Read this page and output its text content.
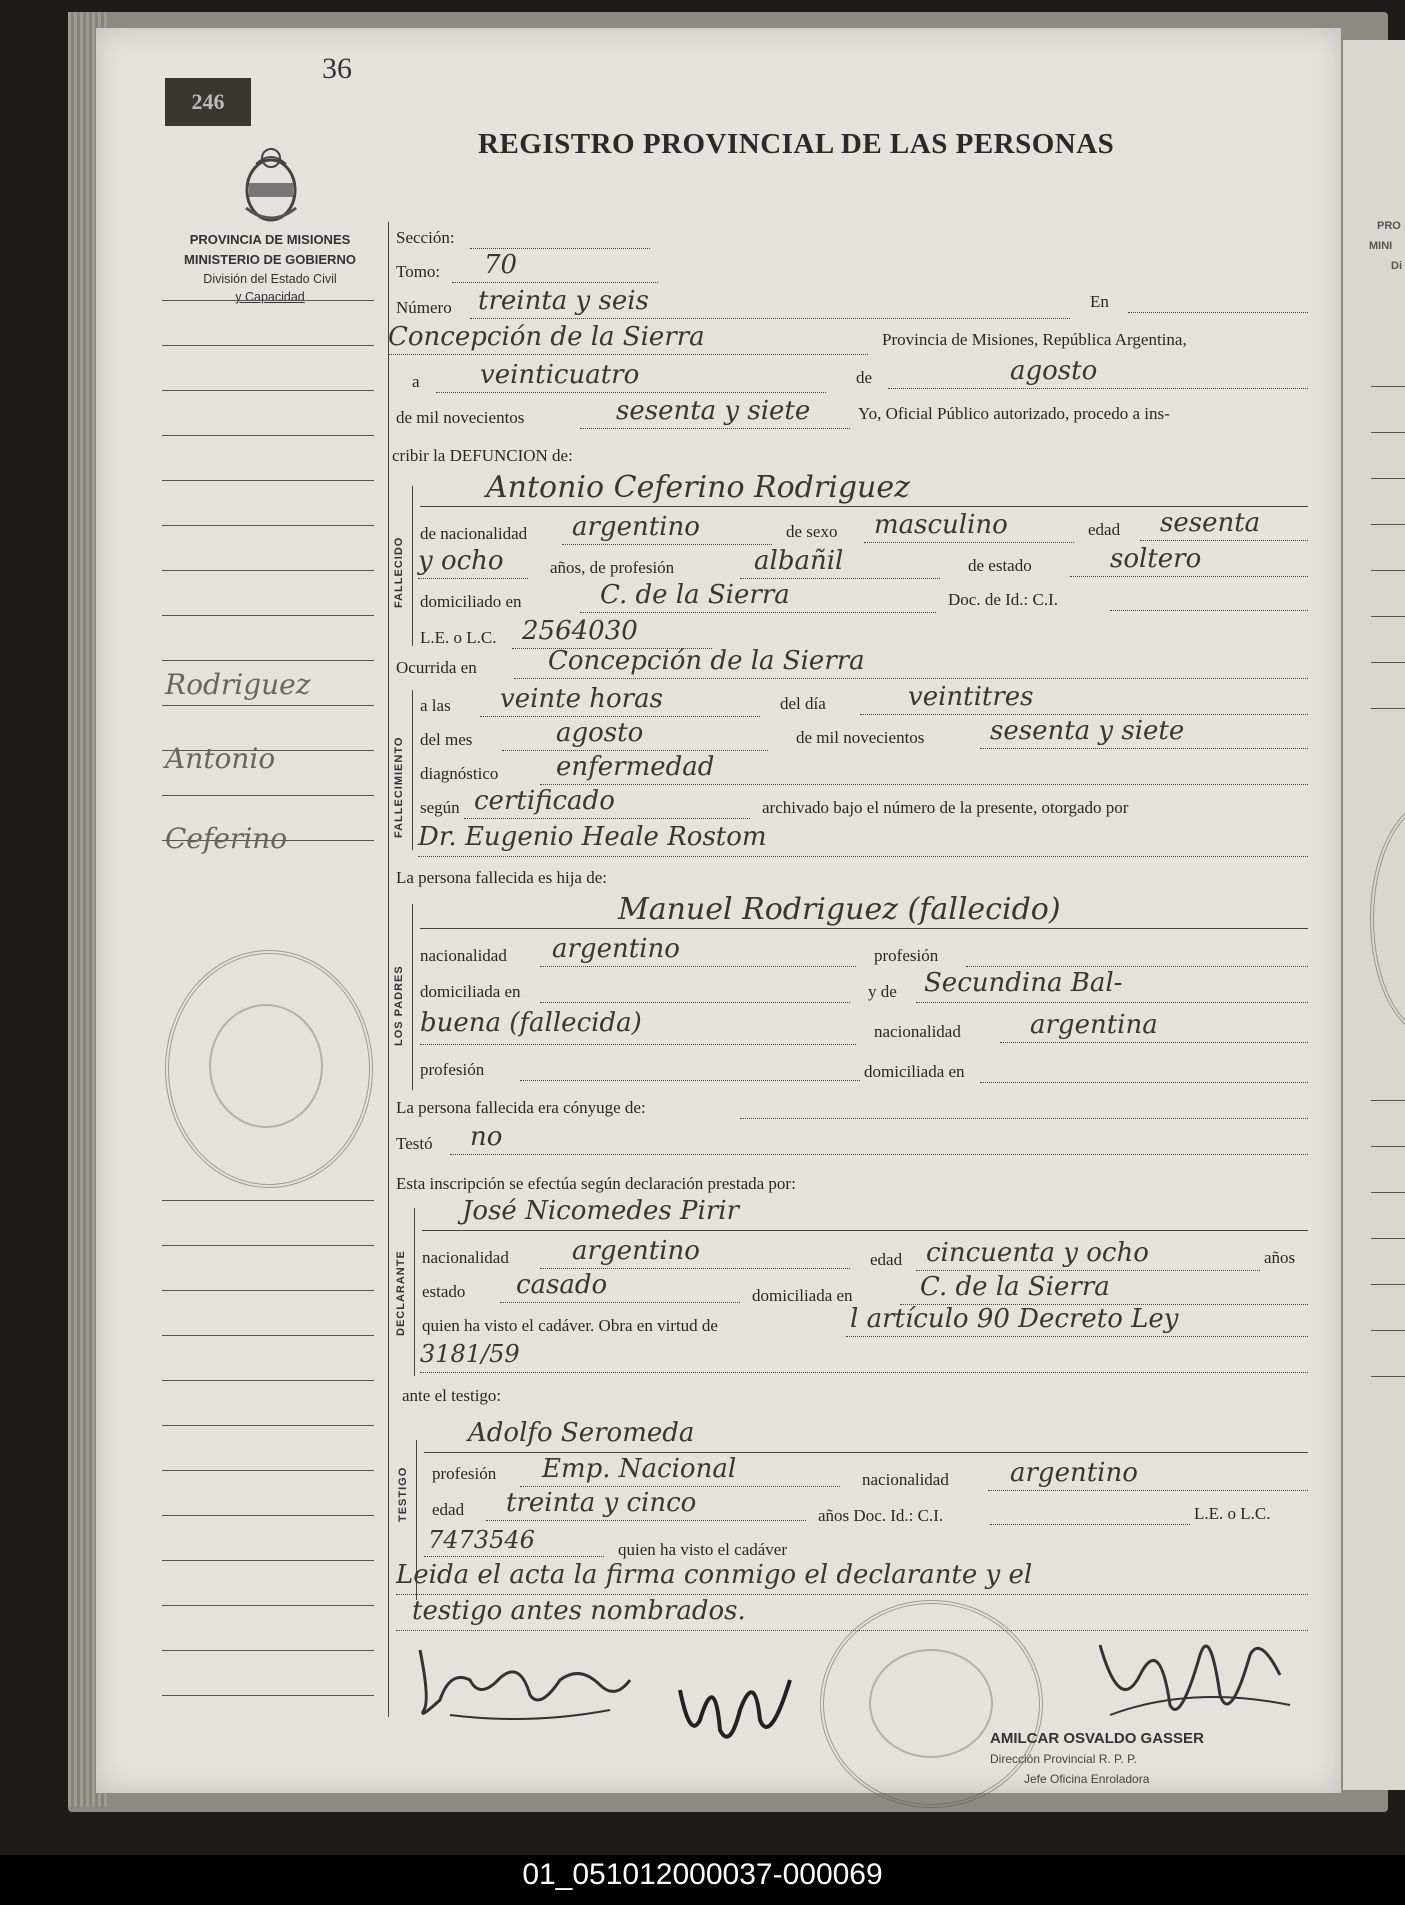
PRO
MINI
Di
36
246
REGISTRO PROVINCIAL DE LAS PERSONAS
PROVINCIA DE MISIONES
MINISTERIO DE GOBIERNO
División del Estado Civil
y Capacidad
Rodriguez
Antonio
Ceferino
Sección:
Tomo: 70
Número treinta y seis	En
Concepción de la Sierra	Provincia de Misiones, República Argentina,
a veinticuatro	de	agosto
de mil novecientos	sesenta y siete	Yo, Oficial Público autorizado, procedo a ins-
cribir la DEFUNCION de:
FALLECIDO
Antonio Ceferino Rodriguez
de nacionalidad argentino	de sexo masculino	edad sesenta
y ocho	años, de profesión	albañil	de estado	soltero
domiciliado en	C. de la Sierra	Doc. de Id.: C.I.
L.E. o L.C. 2564030
Ocurrida en	Concepción de la Sierra
FALLECIMIENTO
a las veinte horas	del día	veintitres
del mes	agosto	de mil novecientos	sesenta y siete
diagnóstico enfermedad
según certificado	archivado bajo el número de la presente, otorgado por
Dr. Eugenio Heale Rostom
La persona fallecida es hija de:
LOS PADRES
Manuel Rodriguez (fallecido)
nacionalidad argentino	profesión
domiciliada en	y de Secundina Bal-
buena (fallecida)	nacionalidad	argentina
profesión	domiciliada en
La persona fallecida era cónyuge de:
Testó no
Esta inscripción se efectúa según declaración prestada por:
DECLARANTE
José Nicomedes Pirir
nacionalidad argentino	edad cincuenta y ocho	años
estado casado	domiciliada en	C. de la Sierra
quien ha visto el cadáver. Obra en virtud de	l artículo 90 Decreto Ley
3181/59
ante el testigo:
TESTIGO
Adolfo Seromeda
profesión Emp. Nacional	nacionalidad argentino
edad treinta y cinco	años Doc. Id.: C.I.	L.E. o L.C.
7473546	quien ha visto el cadáver
Leida el acta la firma conmigo el declarante y el
testigo antes nombrados.
AMILCAR OSVALDO GASSER
Dirección Provincial R. P. P.
Jefe Oficina Enroladora
01_051012000037-000069
